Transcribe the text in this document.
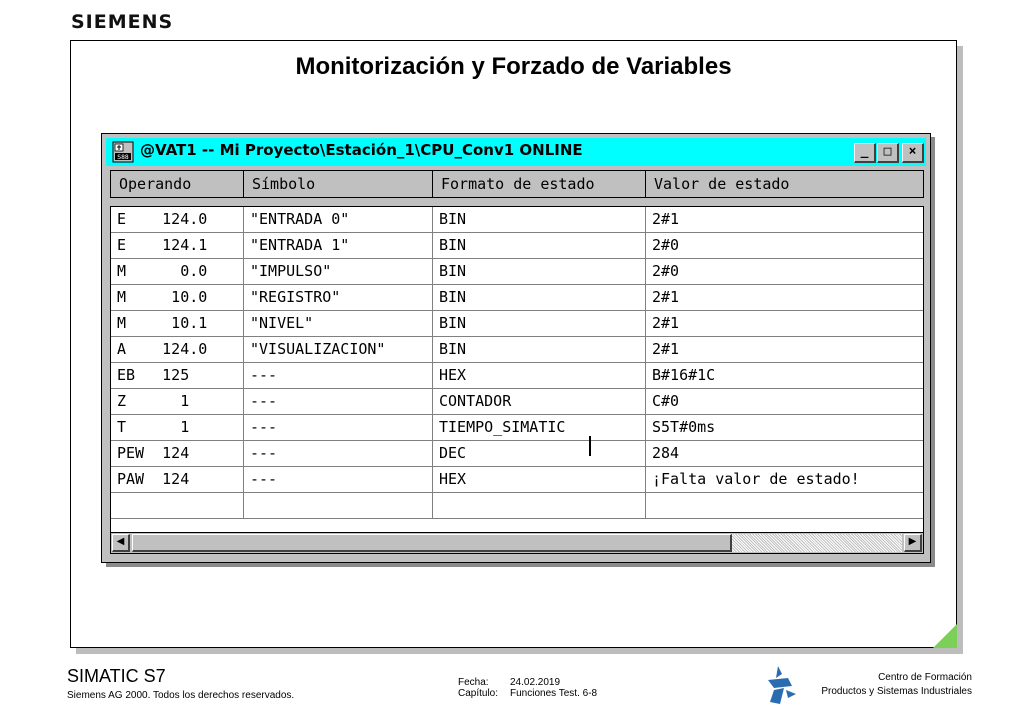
SIEMENS
Monitorización y Forzado de Variables
S88 @VAT1 -- Mi Proyecto\Estación_1\CPU_Conv1 ONLINE	_	□	×
Operando	Símbolo	Formato de estado	Valor de estado
E    124.0	"ENTRADA 0"	BIN	2#1
E    124.1	"ENTRADA 1"	BIN	2#0
M      0.0	"IMPULSO"	BIN	2#0
M     10.0	"REGISTRO"	BIN	2#1
M     10.1	"NIVEL"	BIN	2#1
A    124.0	"VISUALIZACION"	BIN	2#1
EB   125	---	HEX	B#16#1C
Z      1	---	CONTADOR	C#0
T      1	---	TIEMPO_SIMATIC	S5T#0ms
PEW  124	---	DEC	284
PAW  124	---	HEX	¡Falta valor de estado!
◀	▶
SIMATIC S7
Siemens AG 2000. Todos los derechos reservados.
Fecha: 24.02.2019
Capítulo: Funciones Test. 6-8
Centro de Formación
Productos y Sistemas Industriales
